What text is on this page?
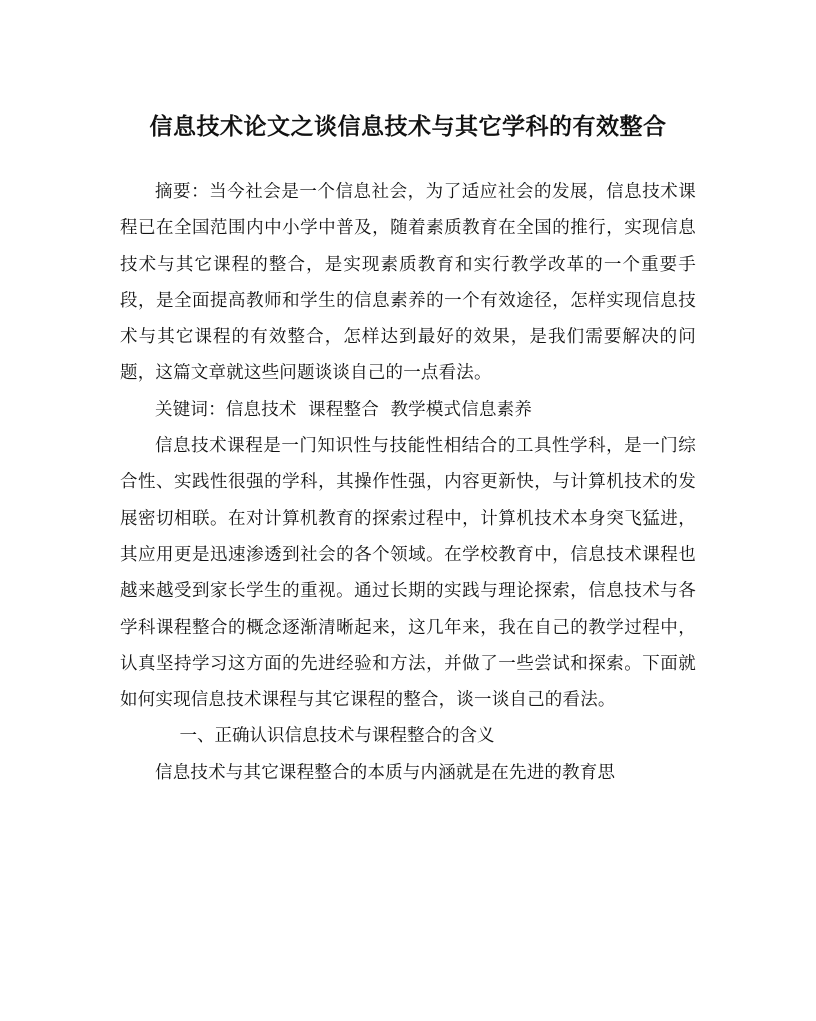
信息技术论文之谈信息技术与其它学科的有效整合

摘要：当今社会是一个信息社会，为了适应社会的发展，信息技术课程已在全国范围内中小学中普及，随着素质教育在全国的推行，实现信息技术与其它课程的整合，是实现素质教育和实行教学改革的一个重要手段，是全面提高教师和学生的信息素养的一个有效途径，怎样实现信息技术与其它课程的有效整合，怎样达到最好的效果，是我们需要解决的问题，这篇文章就这些问题谈谈自己的一点看法。

关键词：信息技术  课程整合  教学模式信息素养

信息技术课程是一门知识性与技能性相结合的工具性学科，是一门综合性、实践性很强的学科，其操作性强，内容更新快，与计算机技术的发展密切相联。在对计算机教育的探索过程中，计算机技术本身突飞猛进，其应用更是迅速渗透到社会的各个领域。在学校教育中，信息技术课程也越来越受到家长学生的重视。通过长期的实践与理论探索，信息技术与各学科课程整合的概念逐渐清晰起来，这几年来，我在自己的教学过程中，认真坚持学习这方面的先进经验和方法，并做了一些尝试和探索。下面就如何实现信息技术课程与其它课程的整合，谈一谈自己的看法。

一、正确认识信息技术与课程整合的含义

信息技术与其它课程整合的本质与内涵就是在先进的教育思
